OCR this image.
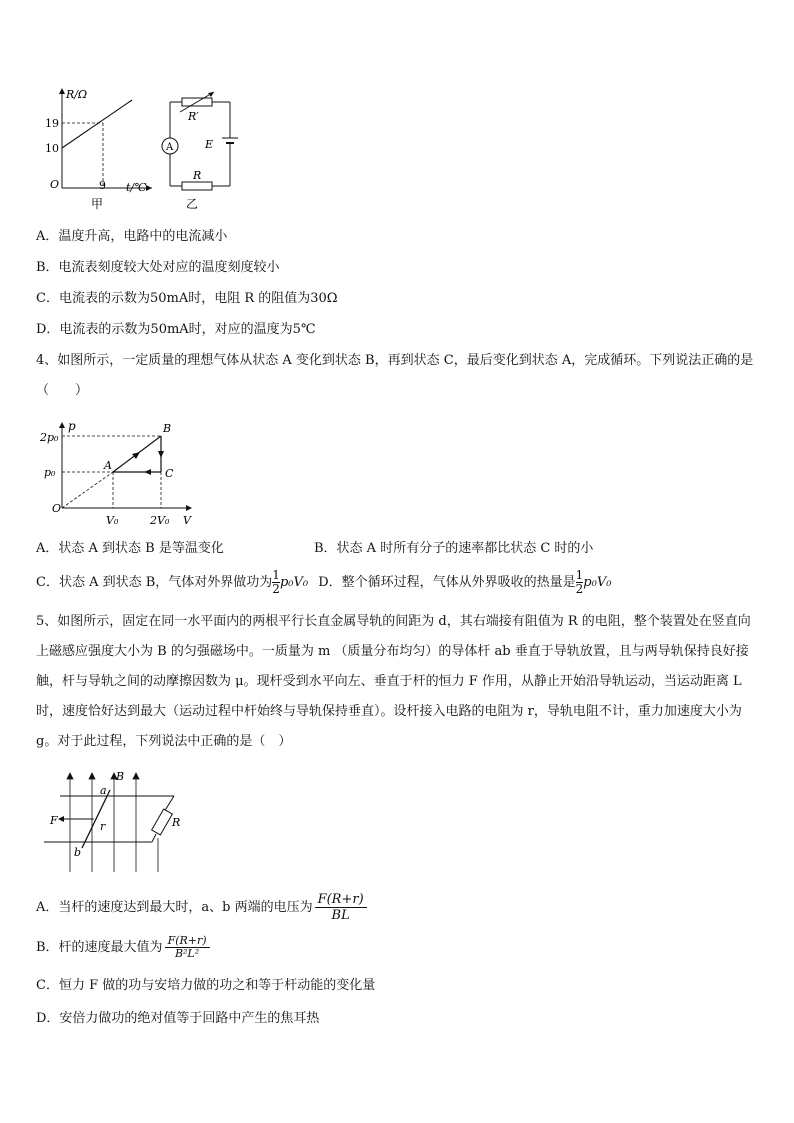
R/Ω
19
10
O	9 t/℃
甲
R′
A	E
R
乙
A．温度升高，电路中的电流减小
B．电流表刻度较大处对应的温度刻度较小
C．电流表的示数为50mA时，电阻 R 的阻值为30Ω
D．电流表的示数为50mA时，对应的温度为5℃
4、如图所示，一定质量的理想气体从状态 A 变化到状态 B，再到状态 C，最后变化到状态 A，完成循环。下列说法正确的是（　　）
p
2p₀
p₀
O
V₀	2V₀ V
A
B
C
A．状态 A 到状态 B 是等温变化	B．状态 A 时所有分子的速率都比状态 C 时的小
C．状态 A 到状态 B，气体对外界做功为 $\frac{1}{2} p_0V_0$ D．整个循环过程，气体从外界吸收的热量是 $\frac{1}{2} p_0V_0$
5、如图所示，固定在同一水平面内的两根平行长直金属导轨的间距为 d，其右端接有阻值为 R 的电阻，整个装置处在竖直向上磁感应强度大小为 B 的匀强磁场中。一质量为 m （质量分布均匀）的导体杆 ab 垂直于导轨放置，且与两导轨保持良好接触，杆与导轨之间的动摩擦因数为 μ。现杆受到水平向左、垂直于杆的恒力 F 作用，从静止开始沿导轨运动，当运动距离 L 时，速度恰好达到最大（运动过程中杆始终与导轨保持垂直）。设杆接入电路的电阻为 r，导轨电阻不计，重力加速度大小为 g。对于此过程，下列说法中正确的是（　）
R
F
B
a
r
b
A．当杆的速度达到最大时，a、b 两端的电压为 $\frac{F(R+r)}{BL}$
B．杆的速度最大值为 $\frac{F(R+r)}{\text{B²L²}}$
C．恒力 F 做的功与安培力做的功之和等于杆动能的变化量
D．安倍力做功的绝对值等于回路中产生的焦耳热
